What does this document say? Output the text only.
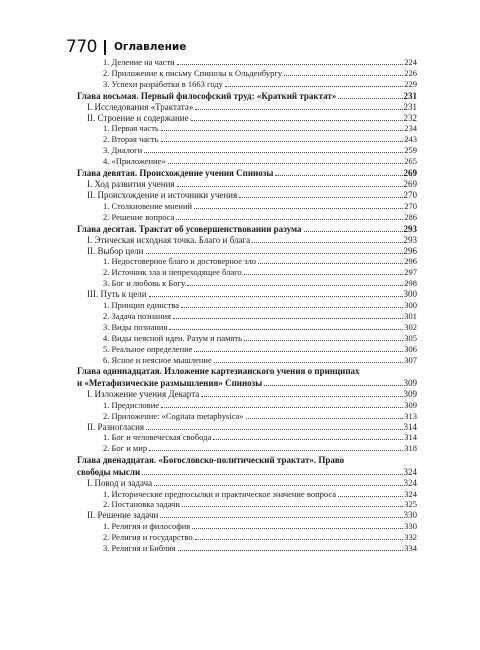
770 Оглавление
1. Деление на части	224
2. Приложение к письму Спинозы к Ольденбургу	226
3. Успехи разработки в 1663 году	229
Глава восьмая. Первый философский труд: «Краткий трактат»	231
I. Исследования «Трактата»	231
II. Строение и содержание	232
1. Первая часть	234
2. Вторая часть	243
3. Диалоги	259
4. «Приложение»	265
Глава девятая. Происхождение учения Спинозы	269
I. Ход развития учения	269
II. Происхождение и источники учения	270
1. Столкновение мнений	270
2. Решение вопроса	286
Глава десятая. Трактат об усовершенствовании разума	293
I. Этическая исходная точка. Благо и блага	293
II. Выбор цели	296
1. Недостоверное благо и достоверное зло	296
2. Источник зла и непреходящее благо	297
3. Бог и любовь к Богу	298
III. Путь к цели	300
1. Принцип единства	300
2. Задача познания	301
3. Виды познания	302
4. Виды неясной идеи. Разум и память	305
5. Реальное определение	306
6. Ясное и неясное мышление	307
Глава одиннадцатая. Изложение картезианского учения о принципах
и «Метафизические размышления» Спинозы	309
I. Изложение учения Декарта	309
1. Предисловие	309
2. Приложение: «Cogitata metaphysica»	313
II. Разногласия	314
1. Бог и человеческая свобода	314
2. Бог и мир	318
Глава двенадцатая. «Богословско-политический трактат». Право
свободы мысли	324
I. Повод и задача	324
1. Исторические предпосылки и практическое значение вопроса	324
2. Постановка задачи	325
II. Решение задачи	330
1. Религия и философия	330
2. Религия и государство	332
3. Религия и Библия	334
